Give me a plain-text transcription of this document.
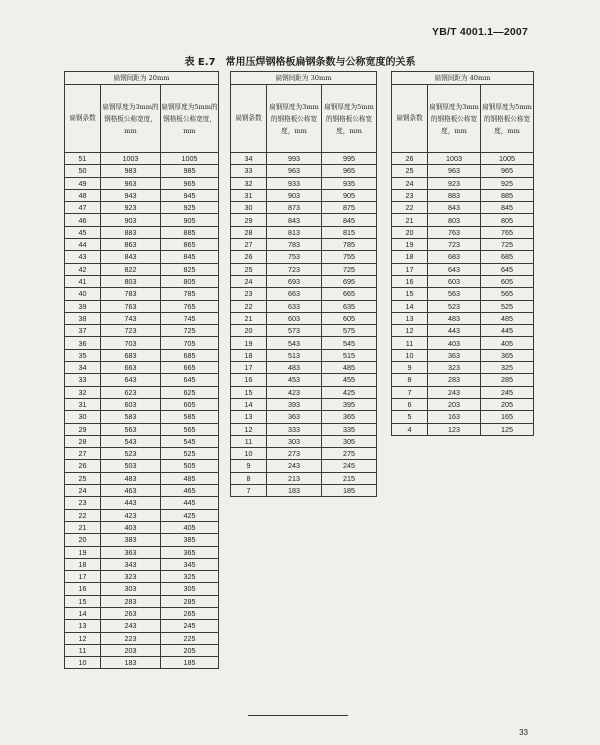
YB/T 4001.1—2007
表 E.7 常用压焊钢格板扁钢条数与公称宽度的关系
扁钢间距为 20mm		
扁钢条数	扁钢厚度为3mm的钢格板公称宽度，mm	扁钢厚度为5mm的钢格板公称宽度，mm
51	1003	1005
50	983	985
49	963	965
48	943	945
47	923	925
46	903	905
45	883	885
44	863	865
43	843	845
42	822	825
41	803	805
40	783	785
39	763	765
38	743	745
37	723	725
36	703	705
35	683	685
34	663	665
33	643	645
32	623	625
31	603	605
30	583	585
29	563	565
28	543	545
27	523	525
26	503	505
25	483	485
24	463	465
23	443	445
22	423	425
21	403	405
20	383	385
19	363	365
18	343	345
17	323	325
16	303	305
15	283	285
14	263	265
13	243	245
12	223	225
11	203	205
10	183	185
扁钢间距为 30mm		
扁钢条数	扁钢厚度为3mm的钢格板公称宽度，mm	扁钢厚度为5mm的钢格板公称宽度，mm
34	993	995
33	963	965
32	933	935
31	903	905
30	873	875
29	843	845
28	813	815
27	783	785
26	753	755
25	723	725
24	693	695
23	663	665
22	633	635
21	603	605
20	573	575
19	543	545
18	513	515
17	483	485
16	453	455
15	423	425
14	393	395
13	363	365
12	333	335
11	303	305
10	273	275
9	243	245
8	213	215
7	183	185
扁钢间距为 40mm		
扁钢条数	扁钢厚度为3mm的钢格板公称宽度，mm	扁钢厚度为5mm的钢格板公称宽度，mm
26	1003	1005
25	963	965
24	923	925
23	883	885
22	843	845
21	803	805
20	763	765
19	723	725
18	683	685
17	643	645
16	603	605
15	563	565
14	523	525
13	483	485
12	443	445
11	403	405
10	363	365
9	323	325
8	283	285
7	243	245
6	203	205
5	163	165
4	123	125
33
